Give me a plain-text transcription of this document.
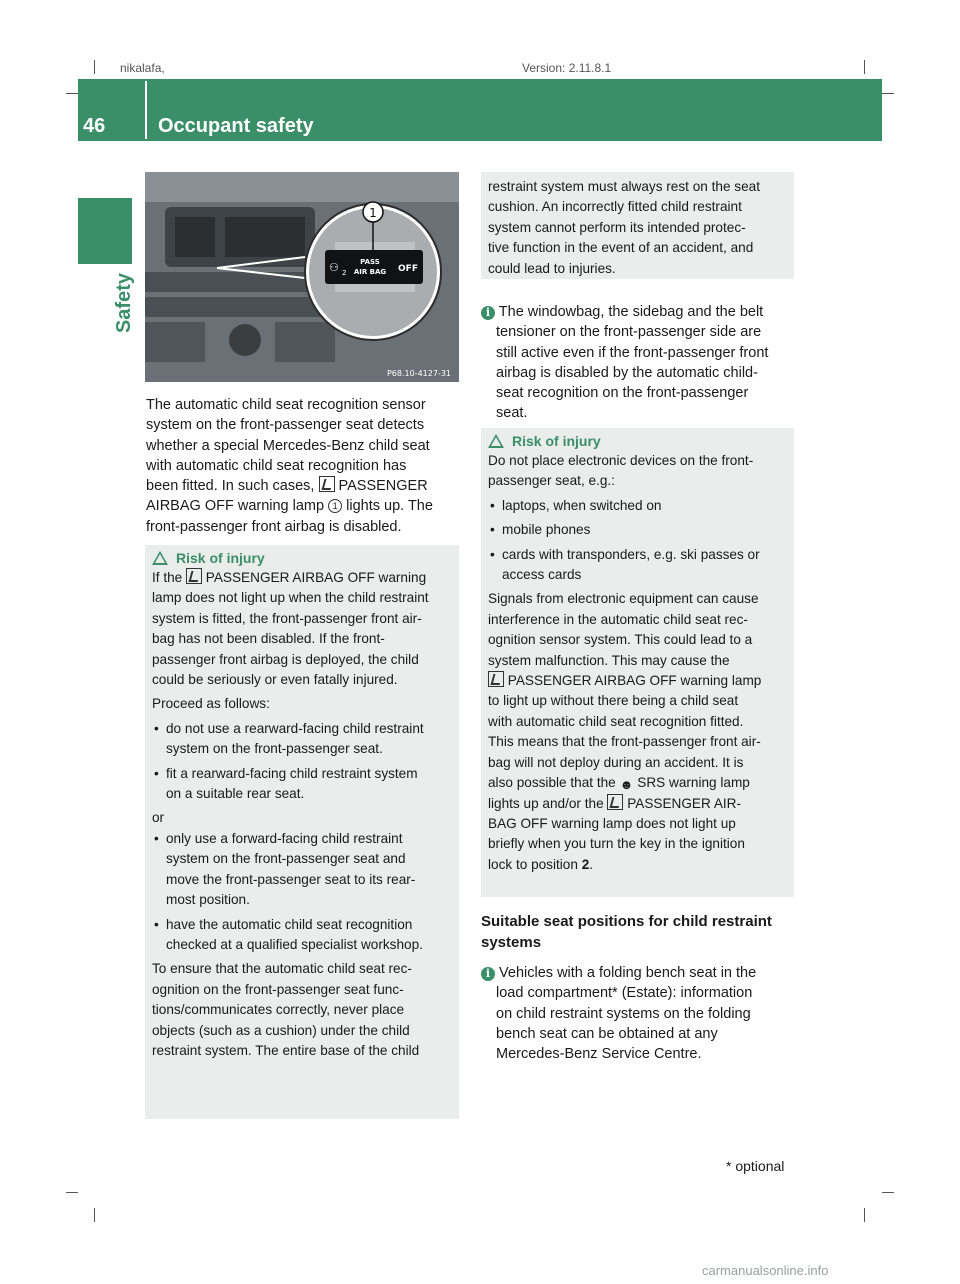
nikalafa,	Version: 2.11.8.1
46	Occupant safety
Safety
⚇ 2
PASS
AIR BAG OFF
1
P68.10-4127-31
The automatic child seat recognition sensor
system on the front-passenger seat detects
whether a special Mercedes-Benz child seat
with automatic child seat recognition has
been fitted. In such cases, PASSENGER
AIRBAG OFF warning lamp 1 lights up. The
front-passenger front airbag is disabled.
Risk of injury
If the PASSENGER AIRBAG OFF warning
lamp does not light up when the child restraint
system is fitted, the front-passenger front air-
bag has not been disabled. If the front-
passenger front airbag is deployed, the child
could be seriously or even fatally injured.
Proceed as follows:
• do not use a rearward-facing child restraint
system on the front-passenger seat.
• fit a rearward-facing child restraint system
on a suitable rear seat.
or
• only use a forward-facing child restraint
system on the front-passenger seat and
move the front-passenger seat to its rear-
most position.
• have the automatic child seat recognition
checked at a qualified specialist workshop.
To ensure that the automatic child seat rec-
ognition on the front-passenger seat func-
tions/communicates correctly, never place
objects (such as a cushion) under the child
restraint system. The entire base of the child
restraint system must always rest on the seat
cushion. An incorrectly fitted child restraint
system cannot perform its intended protec-
tive function in the event of an accident, and
could lead to injuries.
i The windowbag, the sidebag and the belt
tensioner on the front-passenger side are
still active even if the front-passenger front
airbag is disabled by the automatic child-
seat recognition on the front-passenger
seat.
Risk of injury
Do not place electronic devices on the front-
passenger seat, e.g.:
• laptops, when switched on
• mobile phones
• cards with transponders, e.g. ski passes or
access cards
Signals from electronic equipment can cause
interference in the automatic child seat rec-
ognition sensor system. This could lead to a
system malfunction. This may cause the
PASSENGER AIRBAG OFF warning lamp
to light up without there being a child seat
with automatic child seat recognition fitted.
This means that the front-passenger front air-
bag will not deploy during an accident. It is
also possible that the ☻ SRS warning lamp
lights up and/or the PASSENGER AIR-
BAG OFF warning lamp does not light up
briefly when you turn the key in the ignition
lock to position 2.
Suitable seat positions for child restraint
systems
i Vehicles with a folding bench seat in the
load compartment* (Estate): information
on child restraint systems on the folding
bench seat can be obtained at any
Mercedes-Benz Service Centre.
* optional
carmanualsonline.info
